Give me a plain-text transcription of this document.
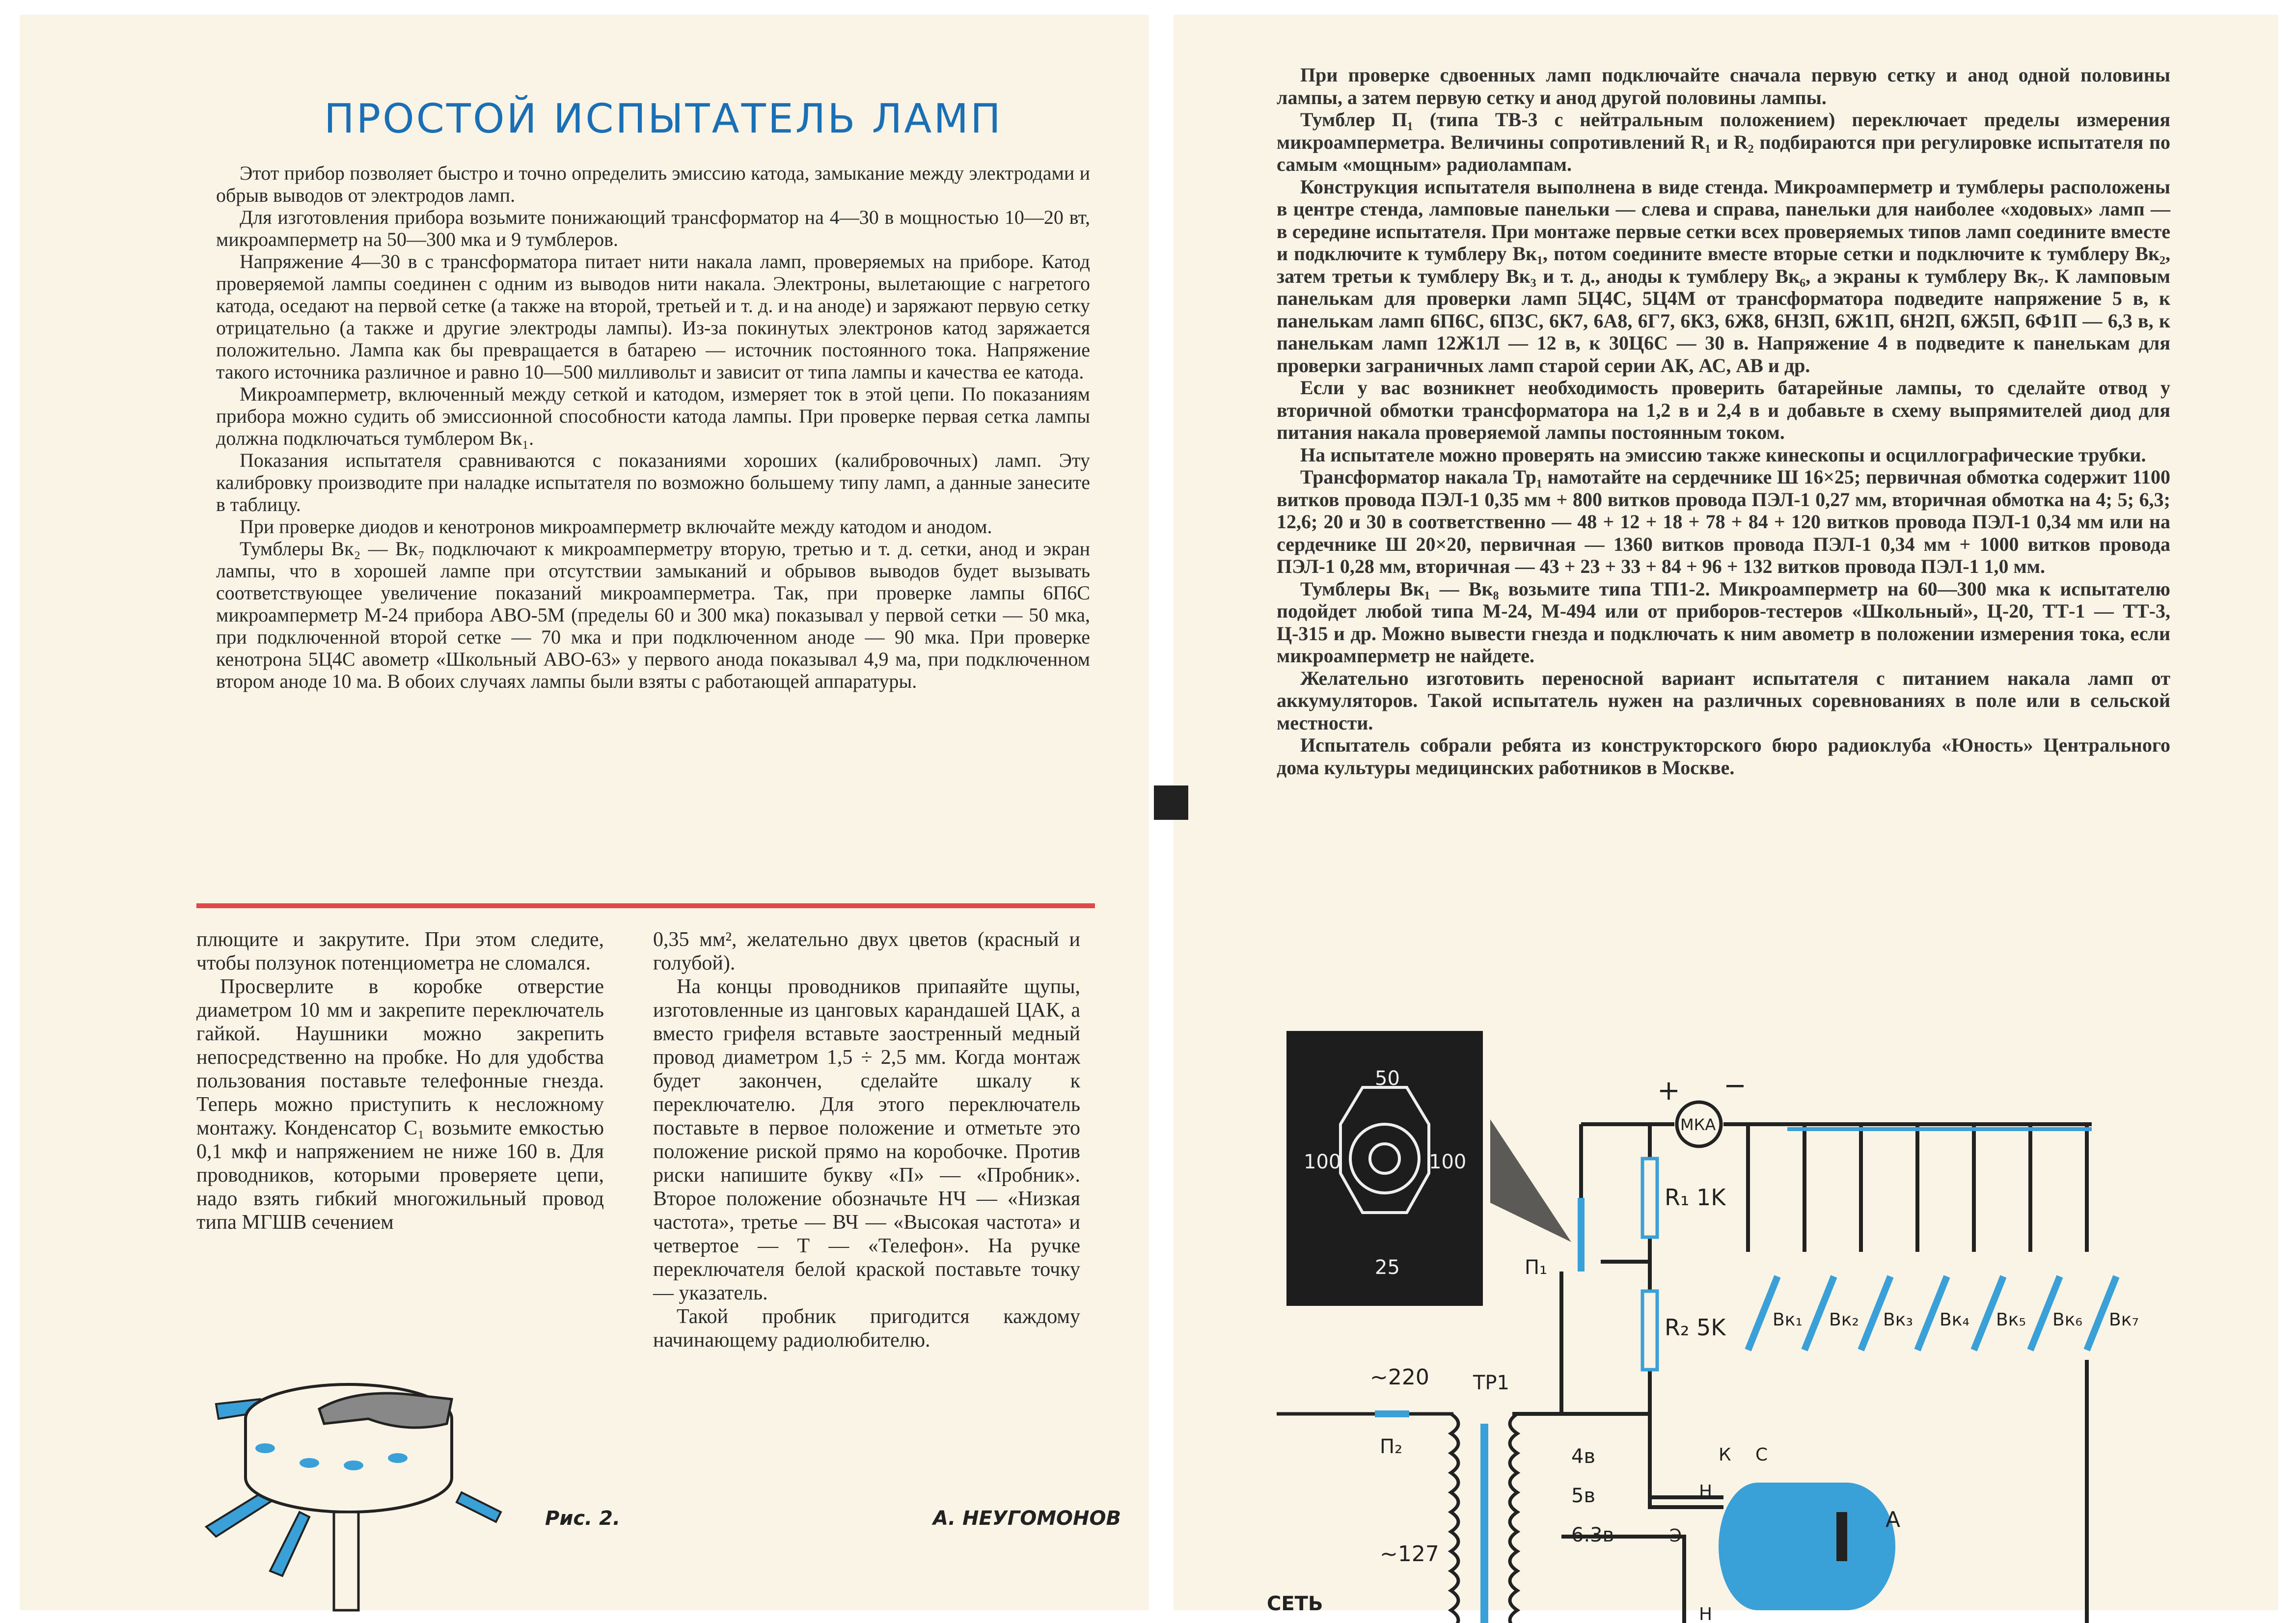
ПРОСТОЙ ИСПЫТАТЕЛЬ ЛАМП

Этот прибор позволяет быстро и точно определить эмиссию катода, замыкание между электродами и обрыв выводов от электродов ламп.

Для изготовления прибора возьмите понижающий трансформатор на 4—30 в мощностью 10—20 вт, микроамперметр на 50—300 мка и 9 тумблеров.

Напряжение 4—30 в с трансформатора питает нити накала ламп, проверяемых на приборе. Катод проверяемой лампы соединен с одним из выводов нити накала. Электроны, вылетающие с нагретого катода, оседают на первой сетке (а также на второй, третьей и т. д. и на аноде) и заряжают первую сетку отрицательно (а также и другие электроды лампы). Из-за покинутых электронов катод заряжается положительно. Лампа как бы превращается в батарею — источник постоянного тока. Напряжение такого источника различное и равно 10—500 милливольт и зависит от типа лампы и качества ее катода.

Микроамперметр, включенный между сеткой и катодом, измеряет ток в этой цепи. По показаниям прибора можно судить об эмиссионной способности катода лампы. При проверке первая сетка лампы должна подключаться тумблером Вк₁.

Показания испытателя сравниваются с показаниями хороших (калибровочных) ламп. Эту калибровку производите при наладке испытателя по возможно большему типу ламп, а данные занесите в таблицу.

При проверке диодов и кенотронов микроамперметр включайте между катодом и анодом.

Тумблеры Вк₂ — Вк₇ подключают к микроамперметру вторую, третью и т. д. сетки, анод и экран лампы, что в хорошей лампе при отсутствии замыканий и обрывов выводов будет вызывать соответствующее увеличение показаний микроамперметра. Так, при проверке лампы 6П6С микроамперметр М-24 прибора АВО-5М (пределы 60 и 300 мка) показывал у первой сетки — 50 мка, при подключенной второй сетке — 70 мка и при подключенном аноде — 90 мка. При проверке кенотрона 5Ц4С авометр «Школьный АВО-63» у первого анода показывал 4,9 ма, при подключенном втором аноде 10 ма. В обоих случаях лампы были взяты с работающей аппаратуры.

плющите и закрутите. При этом следите, чтобы ползунок потенциометра не сломался.

Просверлите в коробке отверстие диаметром 10 мм и закрепите переключатель гайкой. Наушники можно закрепить непосредственно на пробке. Но для удобства пользования поставьте телефонные гнезда. Теперь можно приступить к несложному монтажу. Конденсатор С₁ возьмите емкостью 0,1 мкф и напряжением не ниже 160 в. Для проводников, которыми проверяете цепи, надо взять гибкий многожильный провод типа МГШВ сечением

0,35 мм², желательно двух цветов (красный и голубой).

На концы проводников припаяйте щупы, изготовленные из цанговых карандашей ЦАК, а вместо грифеля вставьте заостренный медный провод диаметром 1,5 ÷ 2,5 мм. Когда монтаж будет закончен, сделайте шкалу к переключателю. Для этого переключатель поставьте в первое положение и отметьте это положение риской прямо на коробочке. Против риски напишите букву «П» — «Пробник». Второе положение обозначьте НЧ — «Низкая частота», третье — ВЧ — «Высокая частота» и четвертое — Т — «Телефон». На ручке переключателя белой краской поставьте точку — указатель.

Такой пробник пригодится каждому начинающему радиолюбителю.

Рис. 2.	А. НЕУГОМОНОВ

При проверке сдвоенных ламп подключайте сначала первую сетку и анод одной половины лампы, а затем первую сетку и анод другой половины лампы.

Тумблер П₁ (типа ТВ-3 с нейтральным положением) переключает пределы измерения микроамперметра. Величины сопротивлений R₁ и R₂ подбираются при регулировке испытателя по самым «мощным» радиолампам.

Конструкция испытателя выполнена в виде стенда. Микроамперметр и тумблеры расположены в центре стенда, ламповые панельки — слева и справа, панельки для наиболее «ходовых» ламп — в середине испытателя. При монтаже первые сетки всех проверяемых типов ламп соедините вместе и подключите к тумблеру Вк₁, потом соедините вместе вторые сетки и подключите к тумблеру Вк₂, затем третьи к тумблеру Вк₃ и т. д., аноды к тумблеру Вк₆, а экраны к тумблеру Вк₇. К ламповым панелькам для проверки ламп 5Ц4С, 5Ц4М от трансформатора подведите напряжение 5 в, к панелькам ламп 6П6С, 6П3С, 6К7, 6А8, 6Г7, 6К3, 6Ж8, 6Н3П, 6Ж1П, 6Н2П, 6Ж5П, 6Ф1П — 6,3 в, к панелькам ламп 12Ж1Л — 12 в, к 30Ц6С — 30 в. Напряжение 4 в подведите к панелькам для проверки заграничных ламп старой серии АК, АС, АВ и др.

Если у вас возникнет необходимость проверить батарейные лампы, то сделайте отвод у вторичной обмотки трансформатора на 1,2 в и 2,4 в и добавьте в схему выпрямителей диод для питания накала проверяемой лампы постоянным током.

На испытателе можно проверять на эмиссию также кинескопы и осциллографические трубки.

Трансформатор накала Тр₁ намотайте на сердечнике Ш 16×25; первичная обмотка содержит 1100 витков провода ПЭЛ-1 0,35 мм + 800 витков провода ПЭЛ-1 0,27 мм, вторичная обмотка на 4; 5; 6,3; 12,6; 20 и 30 в соответственно — 48 + 12 + 18 + 78 + 84 + 120 витков провода ПЭЛ-1 0,34 мм или на сердечнике Ш 20×20, первичная — 1360 витков провода ПЭЛ-1 0,34 мм + 1000 витков провода ПЭЛ-1 0,28 мм, вторичная — 43 + 23 + 33 + 84 + 96 + 132 витков провода ПЭЛ-1 1,0 мм.

Тумблеры Вк₁ — Вк₈ возьмите типа ТП1-2. Микроамперметр на 60—300 мка к испытателю подойдет любой типа М-24, М-494 или от приборов-тестеров «Школьный», Ц-20, ТТ-1 — ТТ-3, Ц-315 и др. Можно вывести гнезда и подключать к ним авометр в положении измерения тока, если микроамперметр не найдете.

Желательно изготовить переносной вариант испытателя с питанием накала ламп от аккумуляторов. Такой испытатель нужен на различных соревнованиях в поле или в сельской местности.

Испытатель собрали ребята из конструкторского бюро радиоклуба «Юность» Центрального дома культуры медицинских работников в Москве.

50
100	100
25
МКА
+ −
R₁ 1K
R₂ 5K
П₁
Вк₁ Вк₂ Вк₃ Вк₄ Вк₅ Вк₆ Вк₇
ТР1
~220
~127
СЕТЬ
П₂	4в
5в
6.3в
К С
Н
Э
Н
А
